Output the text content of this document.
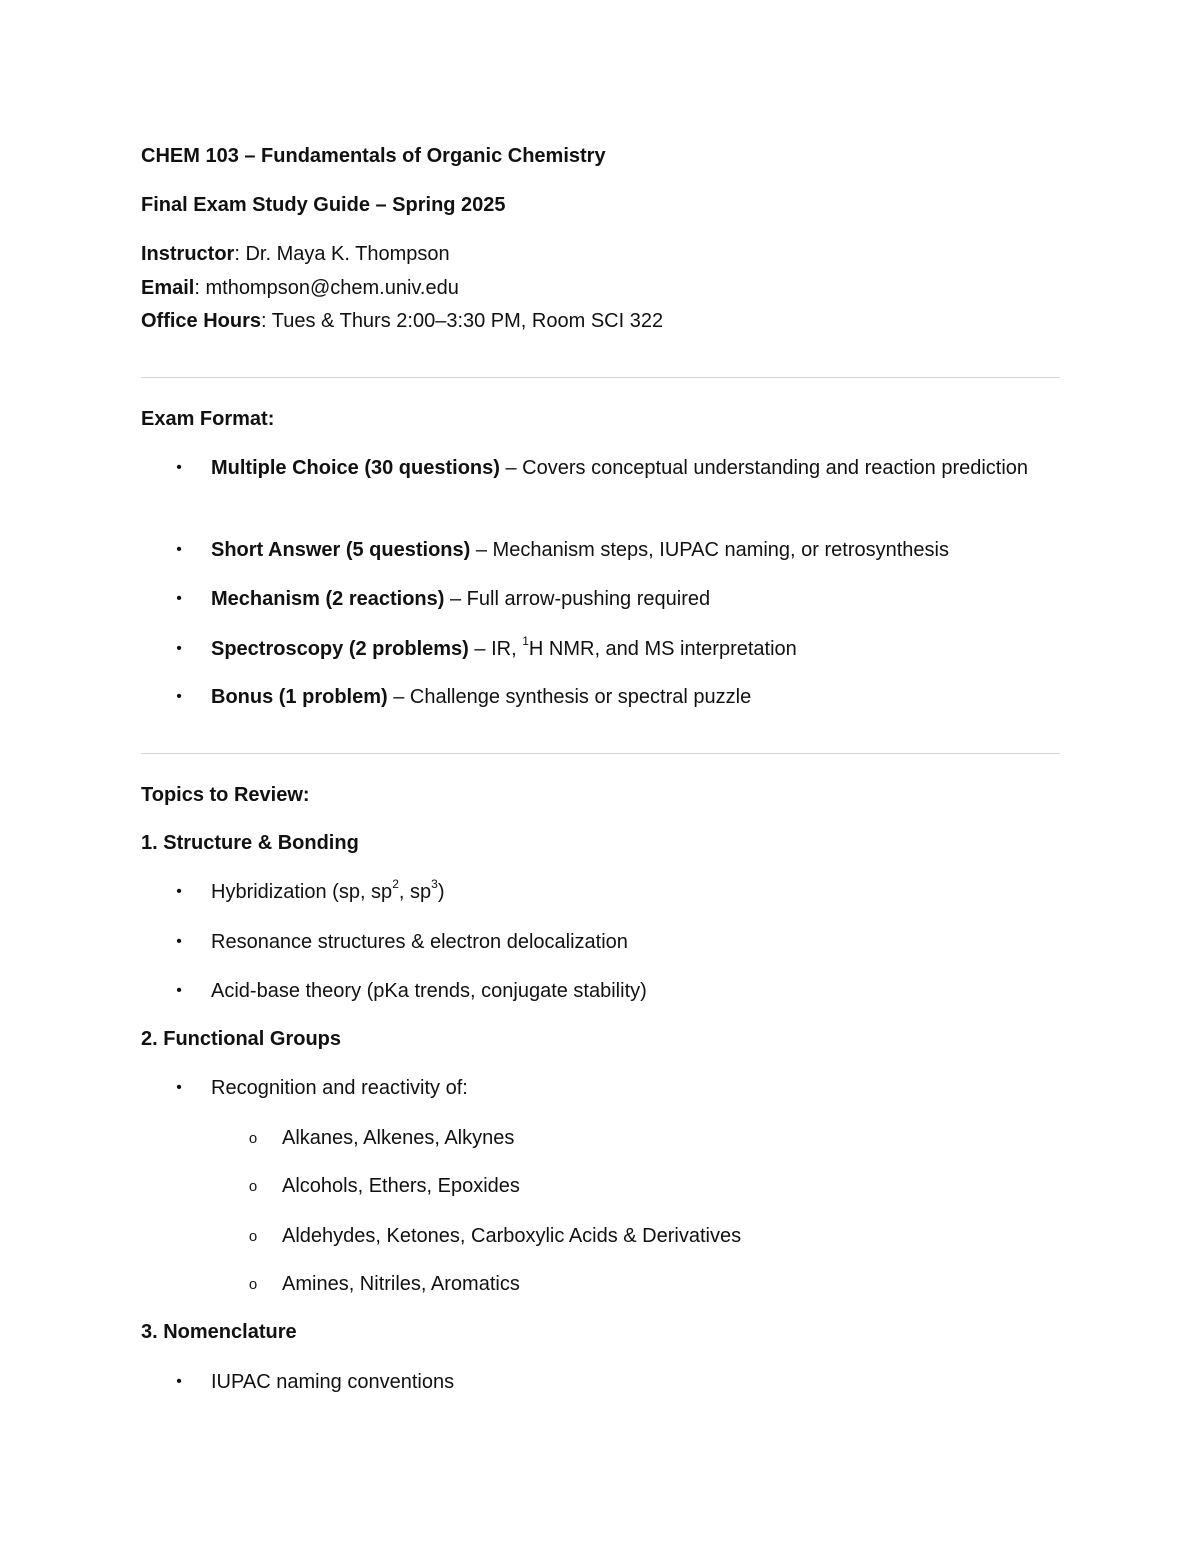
CHEM 103 – Fundamentals of Organic Chemistry
Final Exam Study Guide – Spring 2025
Instructor: Dr. Maya K. Thompson
Email: mthompson@chem.univ.edu
Office Hours: Tues & Thurs 2:00–3:30 PM, Room SCI 322
Exam Format:
• Multiple Choice (30 questions) – Covers conceptual understanding and reaction prediction
• Short Answer (5 questions) – Mechanism steps, IUPAC naming, or retrosynthesis
• Mechanism (2 reactions) – Full arrow-pushing required
• Spectroscopy (2 problems) – IR, $^1$H NMR, and MS interpretation
• Bonus (1 problem) – Challenge synthesis or spectral puzzle
Topics to Review:
1. Structure & Bonding
• Hybridization (sp, $sp^2$, $sp^3$)
• Resonance structures & electron delocalization
• Acid-base theory (pKa trends, conjugate stability)
2. Functional Groups
• Recognition and reactivity of:
o Alkanes, Alkenes, Alkynes
o Alcohols, Ethers, Epoxides
o Aldehydes, Ketones, Carboxylic Acids & Derivatives
o Amines, Nitriles, Aromatics
3. Nomenclature
• IUPAC naming conventions
